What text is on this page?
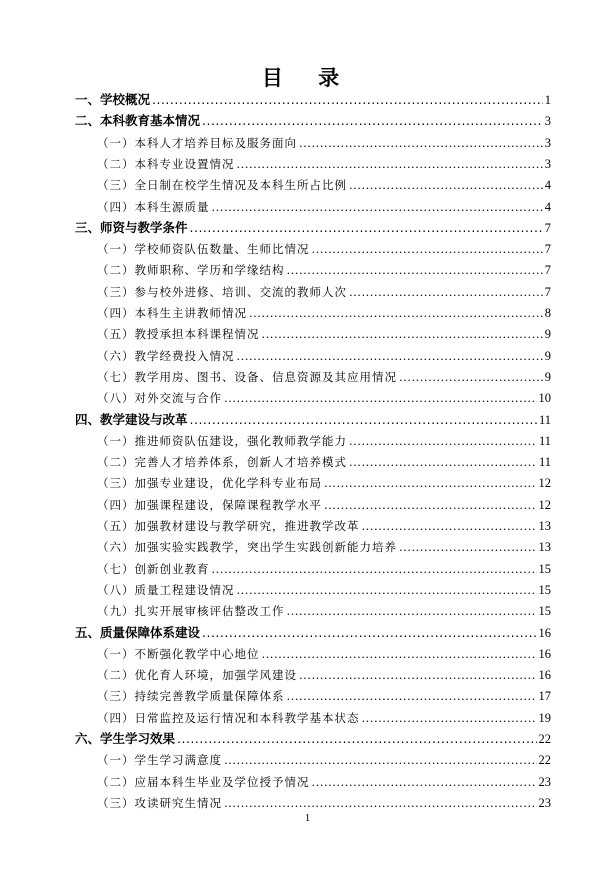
目 录
一、学校概况 .....	1
二、本科教育基本情况 .....	3
（一）本科人才培养目标及服务面向 .....	3
（二）本科专业设置情况 .....	3
（三）全日制在校学生情况及本科生所占比例 .....	4
（四）本科生源质量 .....	4
三、师资与教学条件 .....	7
（一）学校师资队伍数量、生师比情况 .....	7
（二）教师职称、学历和学缘结构 .....	7
（三）参与校外进修、培训、交流的教师人次 .....	7
（四）本科生主讲教师情况 .....	8
（五）教授承担本科课程情况 .....	9
（六）教学经费投入情况 .....	9
（七）教学用房、图书、设备、信息资源及其应用情况 .....	9
（八）对外交流与合作 .....	10
四、教学建设与改革 .....	11
（一）推进师资队伍建设，强化教师教学能力 .....	11
（二）完善人才培养体系，创新人才培养模式 .....	11
（三）加强专业建设，优化学科专业布局 .....	12
（四）加强课程建设，保障课程教学水平 .....	12
（五）加强教材建设与教学研究，推进教学改革 .....	13
（六）加强实验实践教学，突出学生实践创新能力培养 .....	13
（七）创新创业教育 .....	15
（八）质量工程建设情况 .....	15
（九）扎实开展审核评估整改工作 .....	15
五、质量保障体系建设 .....	16
（一）不断强化教学中心地位 .....	16
（二）优化育人环境，加强学风建设 .....	16
（三）持续完善教学质量保障体系 .....	17
（四）日常监控及运行情况和本科教学基本状态 .....	19
六、学生学习效果 .....	22
（一）学生学习满意度 .....	22
（二）应届本科生毕业及学位授予情况 .....	23
（三）攻读研究生情况 .....	23
1
